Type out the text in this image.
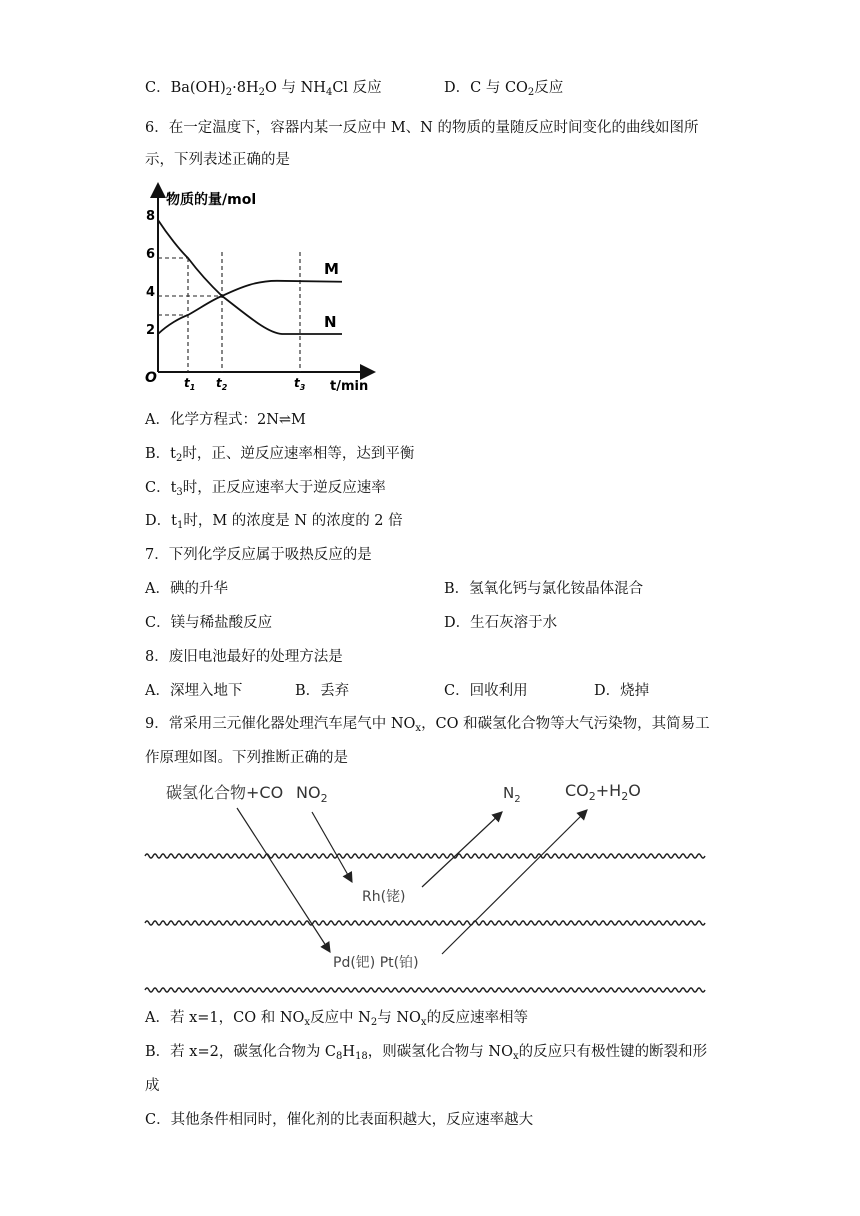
C．$Ba(OH)_2\cdot 8H_2O$ 与 $NH_4Cl$ 反应	D．C 与 $CO_2$反应
6．在一定温度下，容器内某一反应中 M、N 的物质的量随反应时间变化的曲线如图所
示，下列表述正确的是
物质的量/mol
t/min
O
2
4
6
8
$t_1$ $t_2$	$t_3$
M
N
A．化学方程式：2N⇌M
B．$t_2$时，正、逆反应速率相等，达到平衡
C．$t_3$时，正反应速率大于逆反应速率
D．$t_1$时，M 的浓度是 N 的浓度的 2 倍
7．下列化学反应属于吸热反应的是
A．碘的升华	B．氢氧化钙与氯化铵晶体混合
C．镁与稀盐酸反应	D．生石灰溶于水
8．废旧电池最好的处理方法是
A．深埋入地下	B．丢弃	C．回收利用	D．烧掉
9．常采用三元催化器处理汽车尾气中 $NO_x$，CO 和碳氢化合物等大气污染物，其简易工
作原理如图。下列推断正确的是
碳氢化合物+CO $NO_2$	$N_2$	$CO_2+H_2O$
Rh(铑)
Pd(钯) Pt(铂)
A．若 x=1，CO 和 $NO_x$反应中 $N_2$与 $NO_x$的反应速率相等
B．若 x=2，碳氢化合物为 $C_8H_{18}$，则碳氢化合物与 $NO_x$的反应只有极性键的断裂和形
成
C．其他条件相同时，催化剂的比表面积越大，反应速率越大
